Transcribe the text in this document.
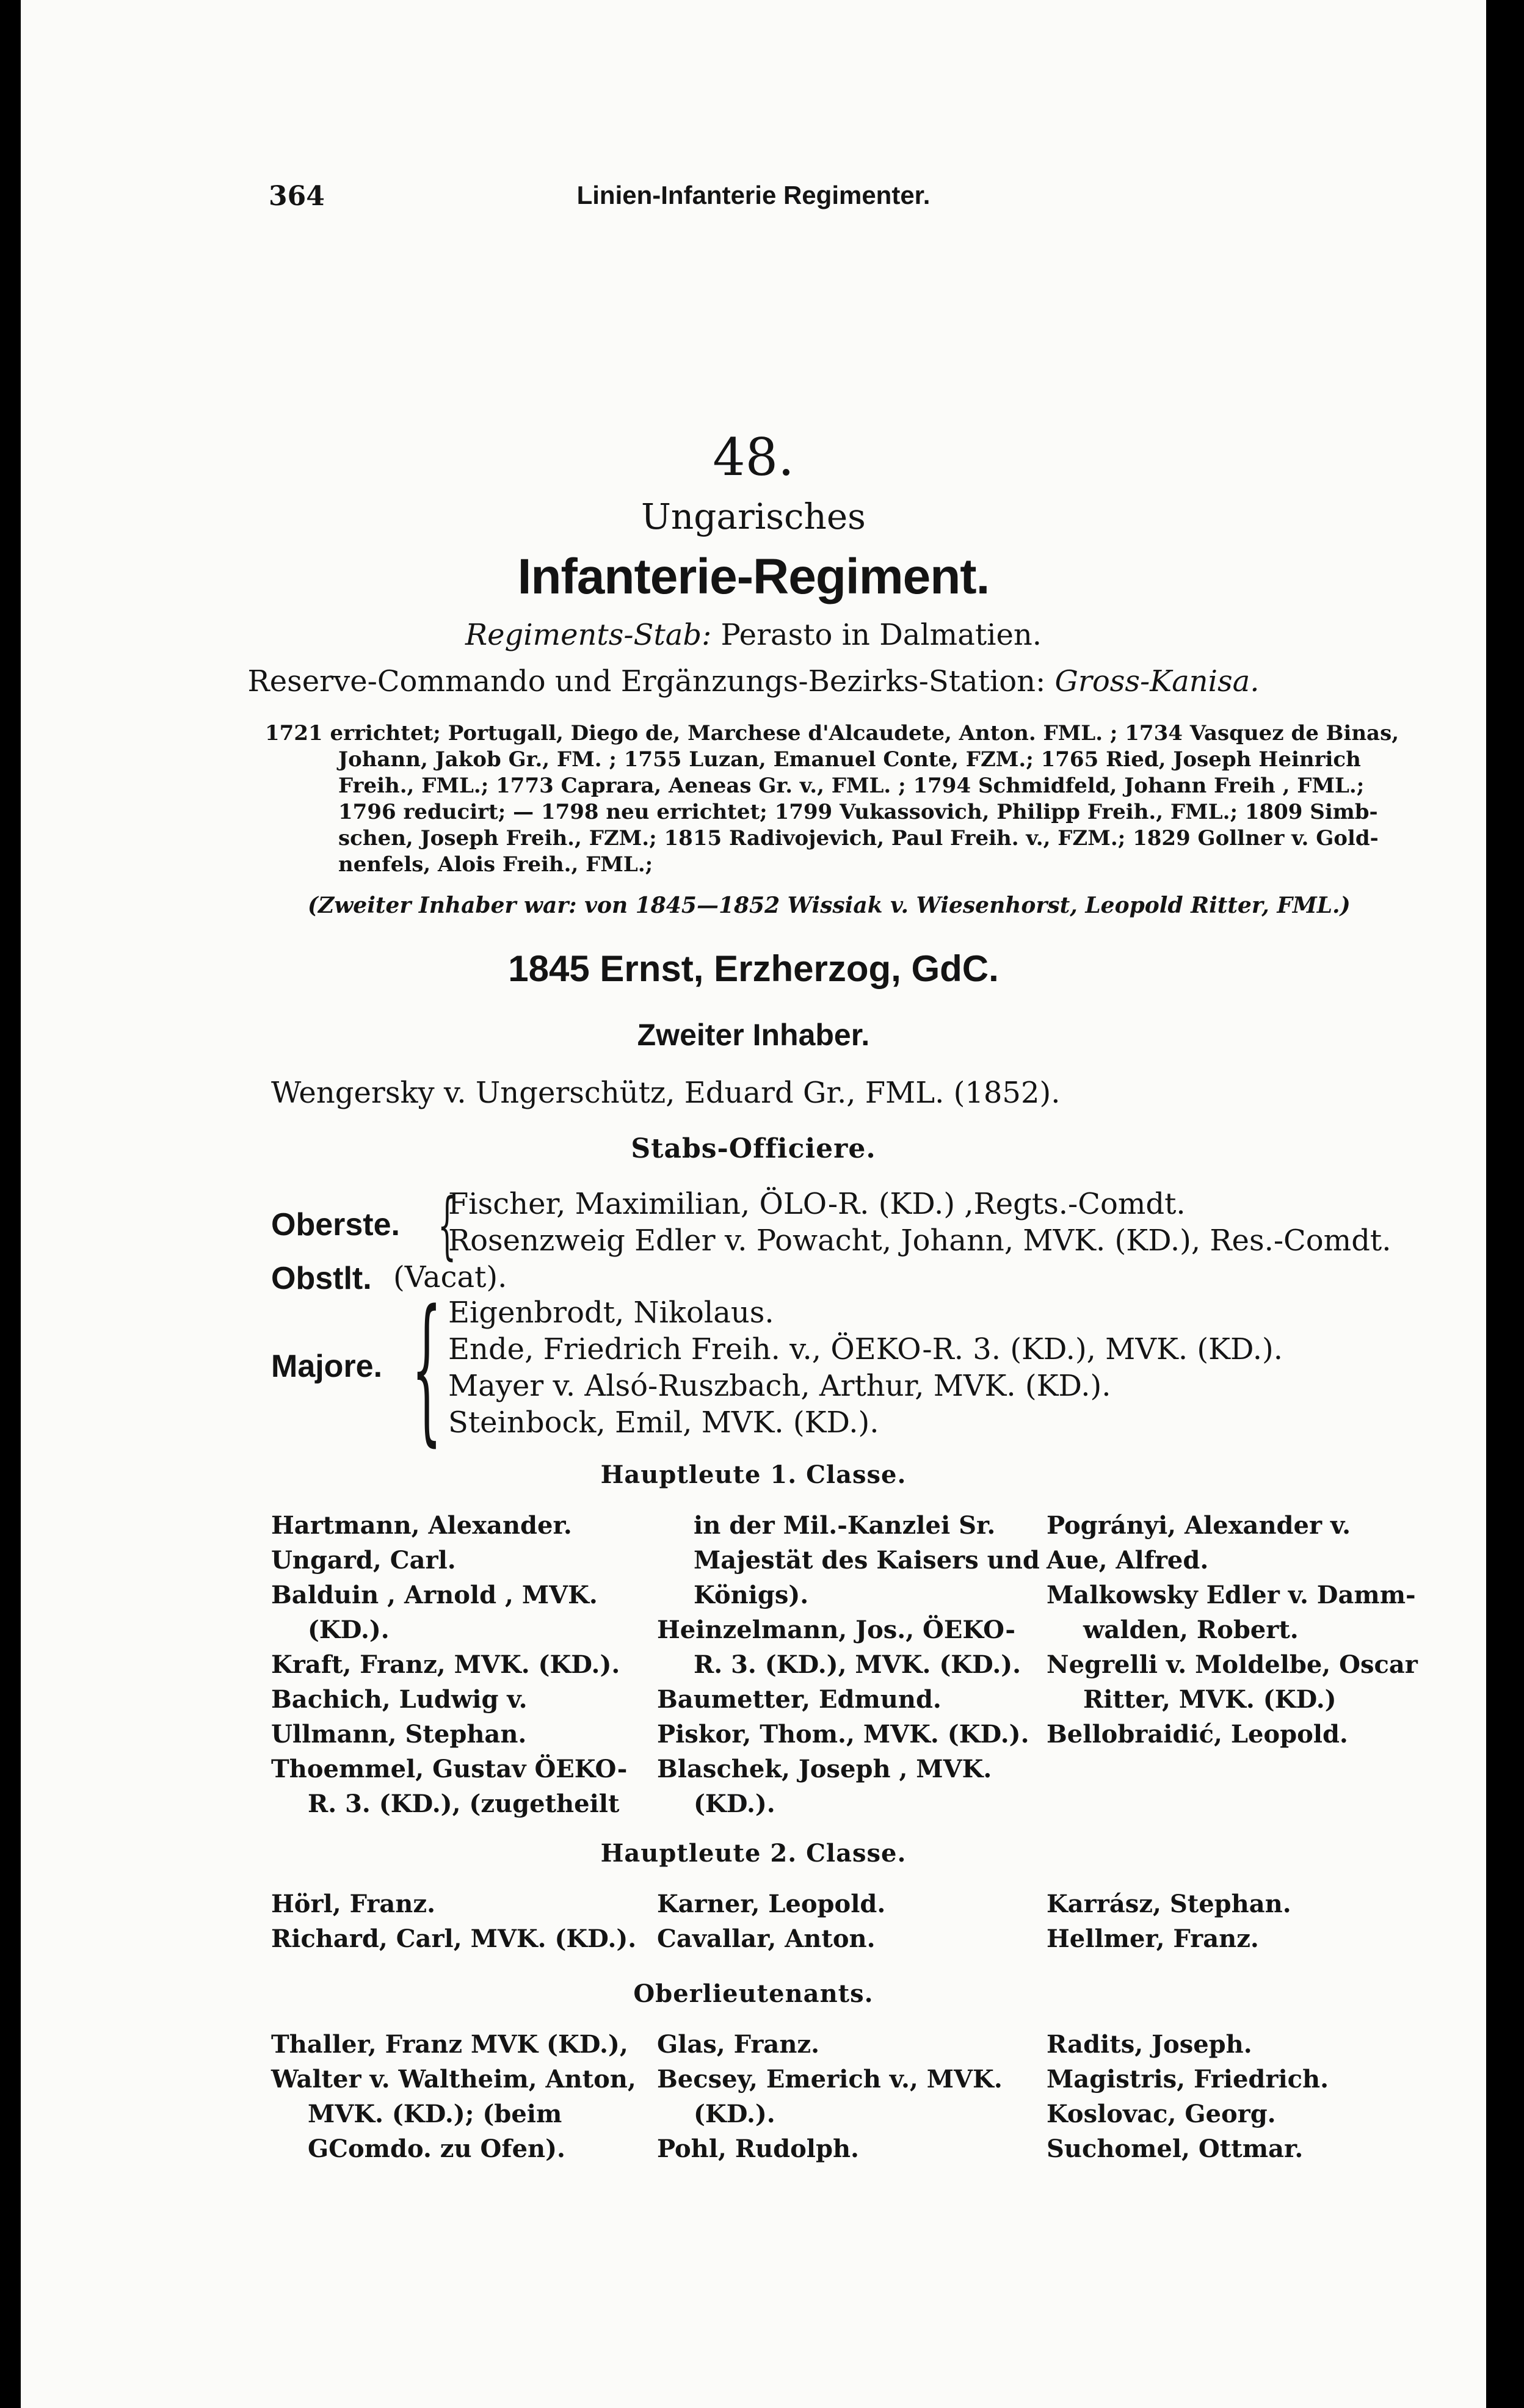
364	Linien-Infanterie Regimenter.
48.
Ungarisches
Infanterie-Regiment.
Regiments-Stab: Perasto in Dalmatien.
Reserve-Commando und Ergänzungs-Bezirks-Station: Gross-Kanisa.
1721 errichtet; Portugall, Diego de, Marchese d'Alcaudete, Anton. FML. ; 1734 Vasquez de Binas,
Johann, Jakob Gr., FM. ; 1755 Luzan, Emanuel Conte, FZM.; 1765 Ried, Joseph Heinrich
Freih., FML.; 1773 Caprara, Aeneas Gr. v., FML. ; 1794 Schmidfeld, Johann Freih , FML.;
1796 reducirt; — 1798 neu errichtet; 1799 Vukassovich, Philipp Freih., FML.; 1809 Simb-
schen, Joseph Freih., FZM.; 1815 Radivojevich, Paul Freih. v., FZM.; 1829 Gollner v. Gold-
nenfels, Alois Freih., FML.;
(Zweiter Inhaber war: von 1845—1852 Wissiak v. Wiesenhorst, Leopold Ritter, FML.)
1845 Ernst, Erzherzog, GdC.
Zweiter Inhaber.
Wengersky v. Ungerschütz, Eduard Gr., FML. (1852).
Stabs-Officiere.
Oberste. {
Fischer, Maximilian, ÖLO-R. (KD.) ,Regts.-Comdt.
Rosenzweig Edler v. Powacht, Johann, MVK. (KD.), Res.-Comdt.
Obstlt. (Vacat).
Majore. { Eigenbrodt, Nikolaus.
Ende, Friedrich Freih. v., ÖEKO-R. 3. (KD.), MVK. (KD.).
Mayer v. Alsó-Ruszbach, Arthur, MVK. (KD.).
Steinbock, Emil, MVK. (KD.).
Hauptleute 1. Classe.
Hartmann, Alexander.
Ungard, Carl.
Balduin , Arnold , MVK.
(KD.).
Kraft, Franz, MVK. (KD.).
Bachich, Ludwig v.
Ullmann, Stephan.
Thoemmel, Gustav ÖEKO-
R. 3. (KD.), (zugetheilt
in der Mil.-Kanzlei Sr.
Majestät des Kaisers und
Königs).
Heinzelmann, Jos., ÖEKO-
R. 3. (KD.), MVK. (KD.).
Baumetter, Edmund.
Piskor, Thom., MVK. (KD.).
Blaschek, Joseph , MVK.
(KD.).
Pogrányi, Alexander v.
Aue, Alfred.
Malkowsky Edler v. Damm-
walden, Robert.
Negrelli v. Moldelbe, Oscar
Ritter, MVK. (KD.)
Bellobraidić, Leopold.
Hauptleute 2. Classe.
Hörl, Franz.
Richard, Carl, MVK. (KD.).
Karner, Leopold.
Cavallar, Anton.
Karrász, Stephan.
Hellmer, Franz.
Oberlieutenants.
Thaller, Franz MVK (KD.),
Walter v. Waltheim, Anton,
MVK. (KD.); (beim
GComdo. zu Ofen).
Glas, Franz.
Becsey, Emerich v., MVK.
(KD.).
Pohl, Rudolph.
Radits, Joseph.
Magistris, Friedrich.
Koslovac, Georg.
Suchomel, Ottmar.
